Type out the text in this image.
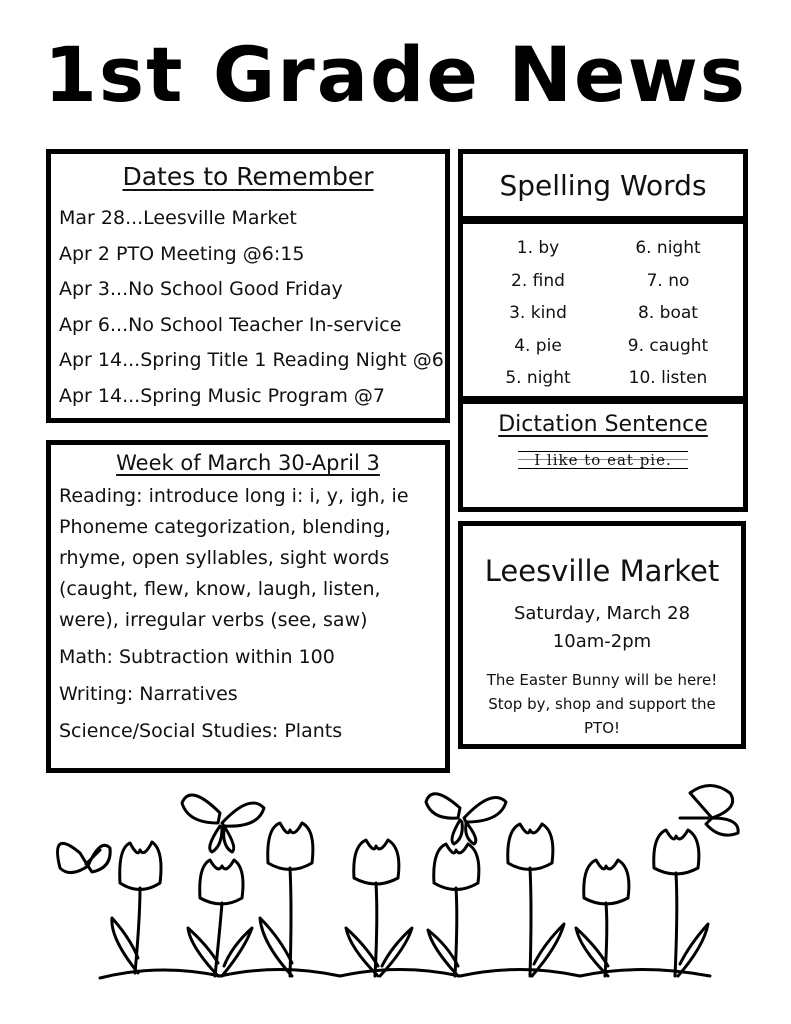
1st Grade News
Dates to Remember
Mar 28...Leesville Market
Apr 2 PTO Meeting @6:15
Apr 3...No School Good Friday
Apr 6...No School Teacher In-service
Apr 14...Spring Title 1 Reading Night @6
Apr 14...Spring Music Program @7
Spelling Words
1. by	6. night
2. find	7. no
3. kind	8. boat
4. pie	9. caught
5. night	10. listen
Dictation Sentence
I like to eat pie.
Week of March 30-April 3

Reading: introduce long i: i, y, igh, ie Phoneme categorization, blending, rhyme, open syllables, sight words (caught, flew, know, laugh, listen, were), irregular verbs (see, saw)

Math: Subtraction within 100

Writing: Narratives

Science/Social Studies: Plants

Leesville Market
Saturday, March 28
10am-2pm
The Easter Bunny will be here! Stop by, shop and support the PTO!
